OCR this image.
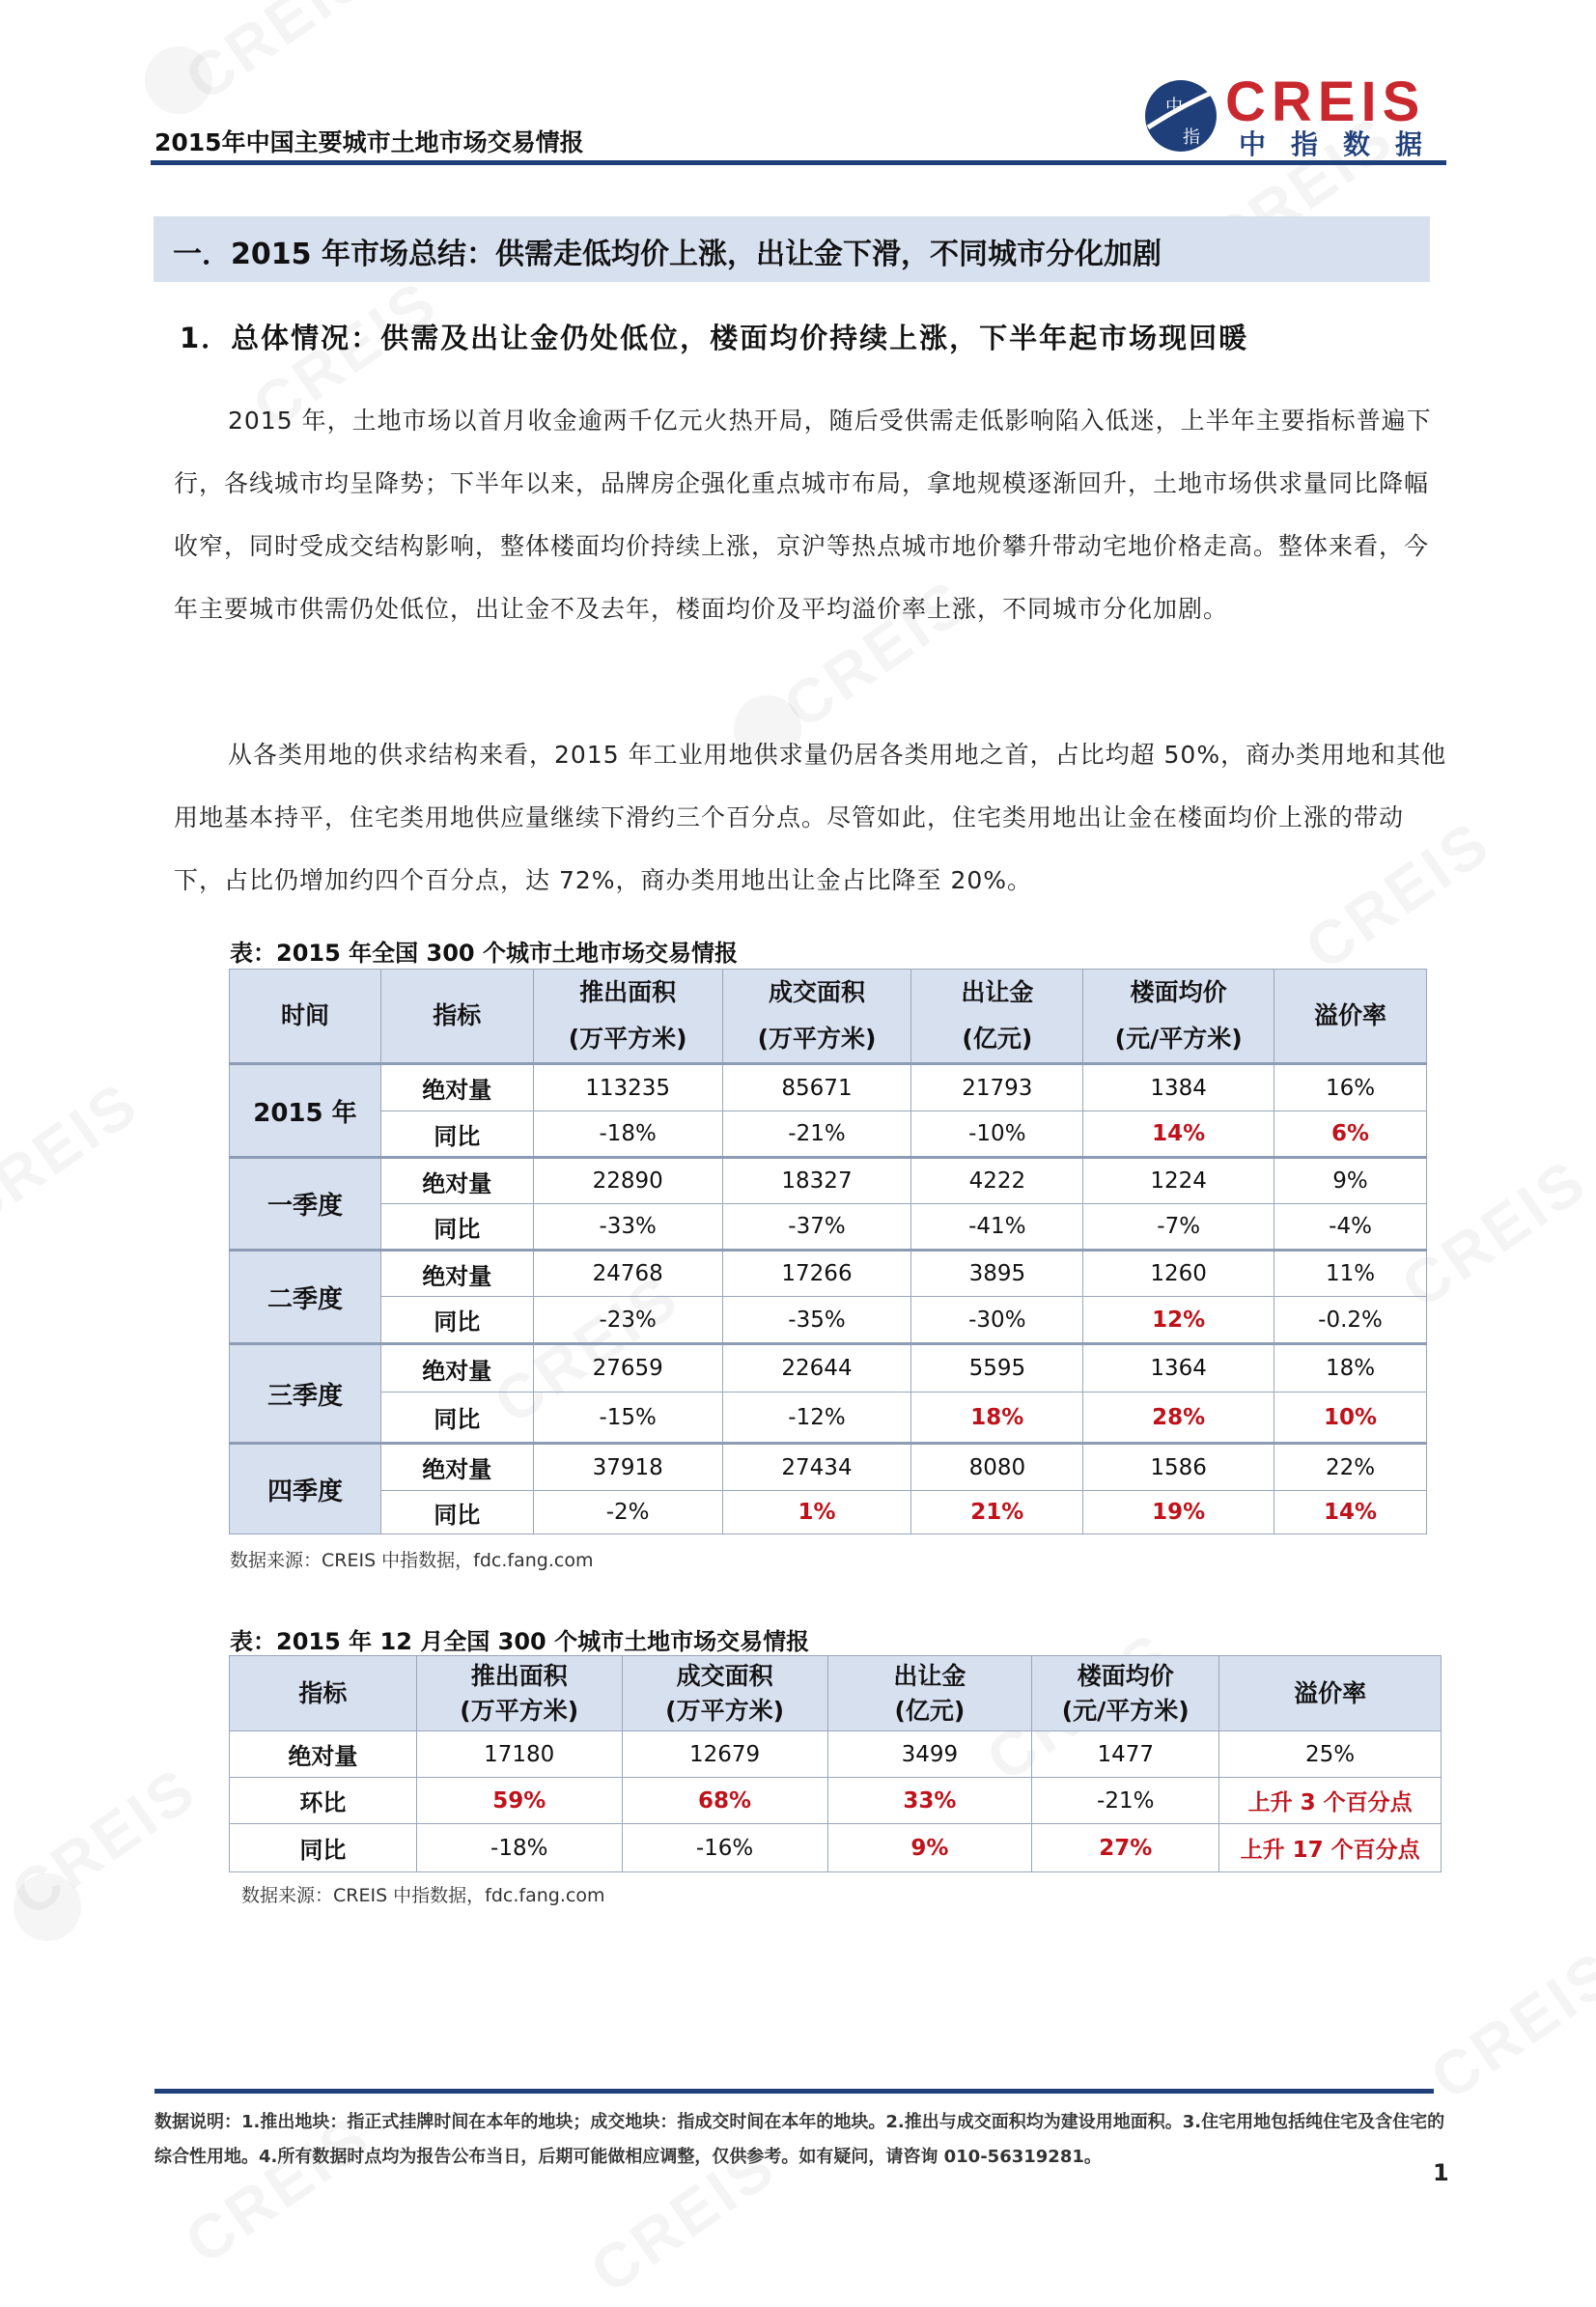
2015年中国主要城市土地市场交易情报
中
指
CREIS
中指数据
一．2015 年市场总结：供需走低均价上涨，出让金下滑，不同城市分化加剧
1．总体情况：供需及出让金仍处低位，楼面均价持续上涨，下半年起市场现回暖

2015 年，土地市场以首月收金逾两千亿元火热开局，随后受供需走低影响陷入低迷，上半年主要指标普遍下行，各线城市均呈降势；下半年以来，品牌房企强化重点城市布局，拿地规模逐渐回升，土地市场供求量同比降幅收窄，同时受成交结构影响，整体楼面均价持续上涨，京沪等热点城市地价攀升带动宅地价格走高。整体来看，今年主要城市供需仍处低位，出让金不及去年，楼面均价及平均溢价率上涨，不同城市分化加剧。

从各类用地的供求结构来看，2015 年工业用地供求量仍居各类用地之首，占比均超 50%，商办类用地和其他用地基本持平，住宅类用地供应量继续下滑约三个百分点。尽管如此，住宅类用地出让金在楼面均价上涨的带动下，占比仍增加约四个百分点，达 72%，商办类用地出让金占比降至 20%。

表：2015 年全国 300 个城市土地市场交易情报
时间	指标	推出面积
(万平方米)	成交面积
(万平方米)	出让金
(亿元)	楼面均价
(元/平方米)	溢价率
2015 年	绝对量	113235	85671	21793	1384	16%
	同比	-18%	-21%	-10%	14%	6%
一季度	绝对量	22890	18327	4222	1224	9%
	同比	-33%	-37%	-41%	-7%	-4%
二季度	绝对量	24768	17266	3895	1260	11%
	同比	-23%	-35%	-30%	12%	-0.2%
三季度	绝对量	27659	22644	5595	1364	18%
	同比	-15%	-12%	18%	28%	10%
四季度	绝对量	37918	27434	8080	1586	22%
	同比	-2%	1%	21%	19%	14%
数据来源：CREIS 中指数据，fdc.fang.com
表：2015 年 12 月全国 300 个城市土地市场交易情报
指标	推出面积
(万平方米)	成交面积
(万平方米)	出让金
(亿元)	楼面均价
(元/平方米)	溢价率
绝对量	17180	12679	3499	1477	25%
环比	59%	68%	33%	-21%	上升 3 个百分点
同比	-18%	-16%	9%	27%	上升 17 个百分点
数据来源：CREIS 中指数据，fdc.fang.com
数据说明：1.推出地块：指正式挂牌时间在本年的地块；成交地块：指成交时间在本年的地块。2.推出与成交面积均为建设用地面积。3.住宅用地包括纯住宅及含住宅的综合性用地。4.所有数据时点均为报告公布当日，后期可能做相应调整，仅供参考。如有疑问，请咨询 010-56319281。
1
